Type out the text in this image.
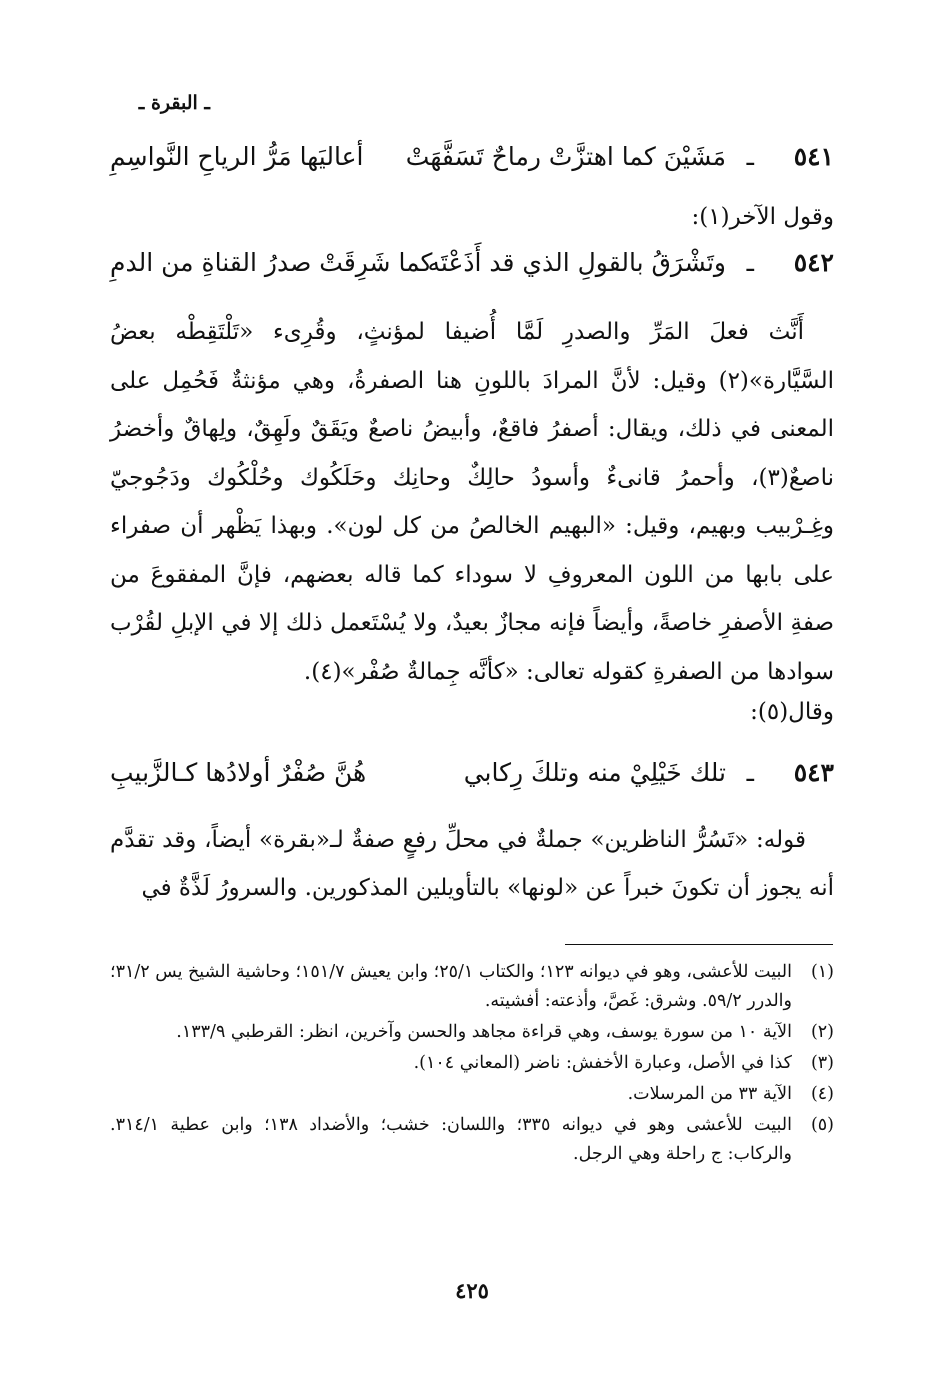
ـ البقرة ـ
٥٤١
ـ
مَشَيْنَ كما اهتزَّتْ رماحٌ تَسَفَّهَتْ
أعاليَها مَرُّ الرياحِ النَّواسِمِ
وقول الآخر(١):
٥٤٢
ـ
وتَشْرَقُ بالقولِ الذي قد أَذَعْتَه
كما شَرِقَتْ صدرُ القناةِ من الدمِ

أَنَّث فعلَ المَرِّ والصدرِ لَمَّا أُضيفا لمؤنثٍ، وقُرِىء «تَلْتَقِطْه بعضُ السَّيَّارة»(٢) وقيل: لأنَّ المرادَ باللونِ هنا الصفرةُ، وهي مؤنثةٌ فَحُمِل على المعنى في ذلك، ويقال: أصفرُ فاقعٌ، وأبيضُ ناصعٌ ويَقَقٌ ولَهِقٌ، ولِهاقٌ وأخضرُ ناصعٌ(٣)، وأحمرُ قانىءٌ وأسودُ حالِكٌ وحانِك وحَلَكُوك وحُلْكُوك ودَجُوجيّ وغِـرْبيب وبهيم، وقيل: «البهيم الخالصُ من كل لون». وبهذا يَظْهر أن صفراء على بابها من اللون المعروفِ لا سوداء كما قاله بعضهم، فإنَّ المفقوعَ من صفةِ الأصفرِ خاصةً، وأيضاً فإنه مجازٌ بعيدٌ، ولا يُسْتَعمل ذلك إلا في الإبلِ لقُرْب سوادها من الصفرةِ كقوله تعالى: «كأنَّه جِمالةٌ صُفْر»(٤).

وقال(٥):
٥٤٣
ـ
تلك خَيْلِيْ منه وتلكَ رِكابي
هُنَّ صُفْرٌ أولادُها كـالزَّبيبِ

قوله: «تَسُرُّ الناظرين» جملةٌ في محلِّ رفعٍ صفةٌ لـ«بقرة» أيضاً، وقد تقدَّم أنه يجوز أن تكونَ خبراً عن «لونها» بالتأويلين المذكورين. والسرورُ لَذَّةٌ في

(١)
البيت للأعشى، وهو في ديوانه ١٢٣؛ والكتاب ٢٥/١؛ وابن يعيش ١٥١/٧؛ وحاشية الشيخ يس ٣١/٢؛ والدرر ٥٩/٢. وشرق: غَصَّ، وأذعته: أفشيته.
(٢)
الآية ١٠ من سورة يوسف، وهي قراءة مجاهد والحسن وآخرين، انظر: القرطبي ١٣٣/٩.
(٣)
كذا في الأصل، وعبارة الأخفش: ناضر (المعاني ١٠٤).
(٤)
الآية ٣٣ من المرسلات.
(٥)
البيت للأعشى وهو في ديوانه ٣٣٥؛ واللسان: خشب؛ والأضداد ١٣٨؛ وابن عطية ٣١٤/١. والركاب: ج راحلة وهي الرجل.
٤٢٥
